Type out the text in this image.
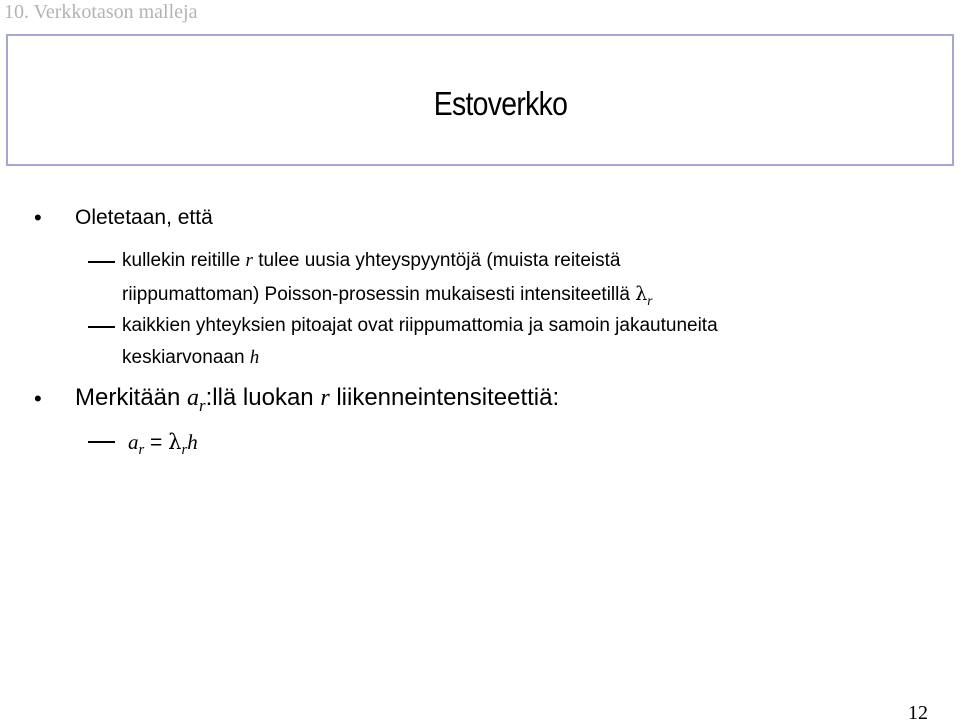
10. Verkkotason malleja
Estoverkko
• Oletetaan, että
kullekin reitille r tulee uusia yhteyspyyntöjä (muista reiteistä
riippumattoman) Poisson-prosessin mukaisesti intensiteetillä $\lambda_r$
kaikkien yhteyksien pitoajat ovat riippumattomia ja samoin jakautuneita
keskiarvonaan h
• Merkitään $a_r:llä$ luokan r liikenneintensiteettiä:
$a_r = \lambda_rh$
12
